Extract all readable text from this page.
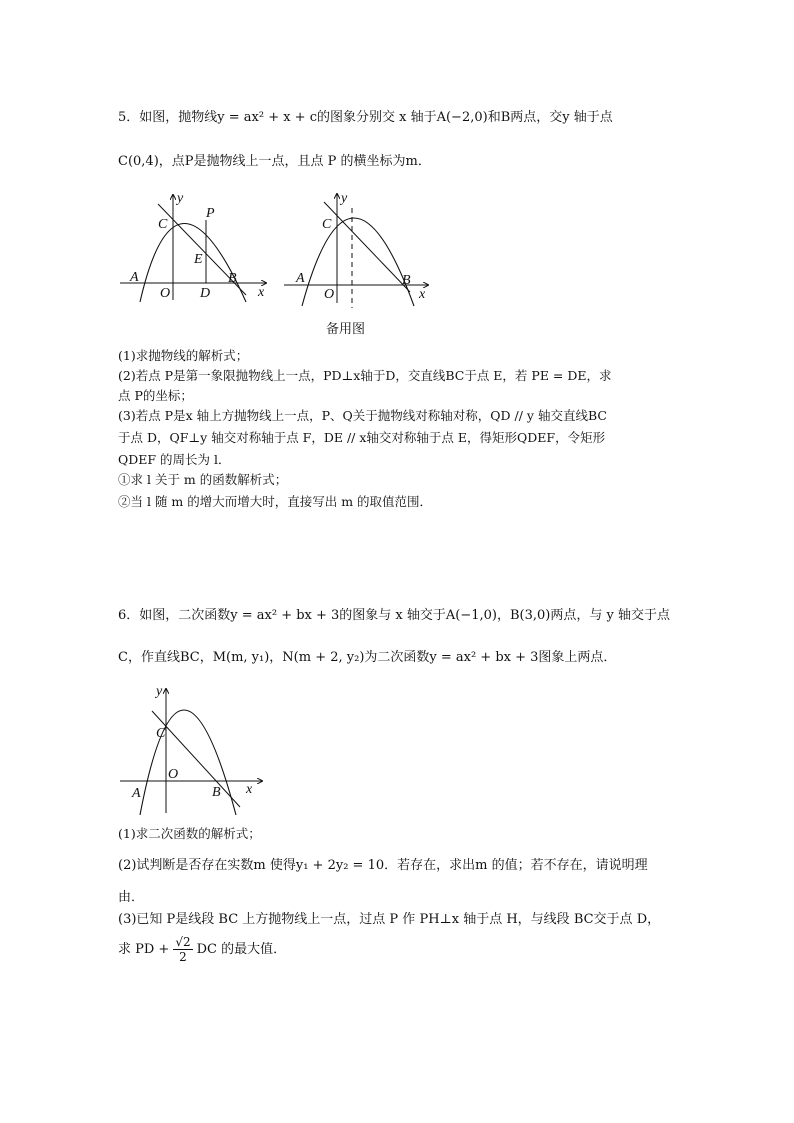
5．如图，抛物线y = ax² + x + c的图象分别交 x 轴于A(−2,0)和B两点，交y 轴于点
C(0,4)，点P是抛物线上一点，且点 P 的横坐标为m．
A
O
C
P
E
D
B
x
y
A
O
C
B
x
y
备用图
(1)求抛物线的解析式；
(2)若点 P是第一象限抛物线上一点，PD⊥x轴于D，交直线BC于点 E，若 PE = DE，求
点 P的坐标；
(3)若点 P是x 轴上方抛物线上一点，P、Q关于抛物线对称轴对称，QD // y 轴交直线BC
于点 D，QF⊥y 轴交对称轴于点 F，DE // x轴交对称轴于点 E，得矩形QDEF，令矩形
QDEF 的周长为 l．
①求 l 关于 m 的函数解析式；
②当 l 随 m 的增大而增大时，直接写出 m 的取值范围．
6．如图，二次函数y = ax² + bx + 3的图象与 x 轴交于A(−1,0)，B(3,0)两点，与 y 轴交于点
C，作直线BC，M(m, y₁)，N(m + 2, y₂)为二次函数y = ax² + bx + 3图象上两点．
C
O
A	B x
y
(1)求二次函数的解析式；
(2)试判断是否存在实数m 使得y₁ + 2y₂ = 10．若存在，求出m 的值；若不存在，请说明理
由．
(3)已知 P是线段 BC 上方抛物线上一点，过点 P 作 PH⊥x 轴于点 H，与线段 BC交于点 D，
求 PD + $\frac{√2}{2}$ DC 的最大值．
